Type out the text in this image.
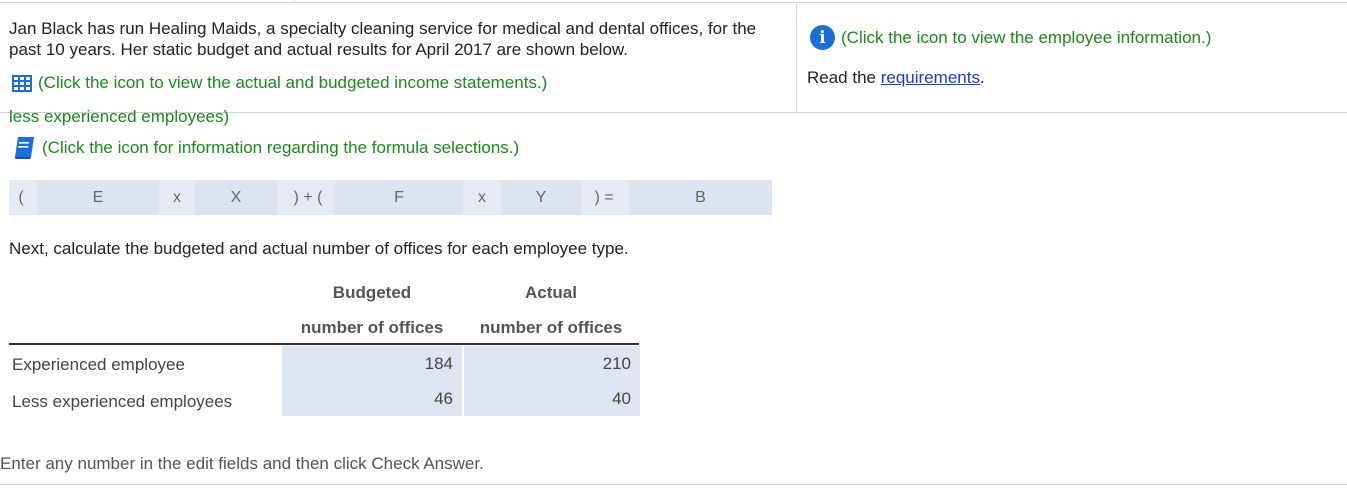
Jan Black has run Healing Maids, a specialty cleaning service for medical and dental offices, for the past 10 years. Her static budget and actual results for April 2017 are shown below.
(Click the icon to view the actual and budgeted income statements.)
i (Click the icon to view the employee information.)
Read the requirements.
less experienced employees)
(Click the icon for information regarding the formula selections.)
(	E	x	X	) + (	F	x	Y	) =	B
Next, calculate the budgeted and actual number of offices for each employee type.
Budgeted
number of offices
Actual
number of offices
Experienced employee	184	210
Less experienced employees	46	40
Enter any number in the edit fields and then click Check Answer.
